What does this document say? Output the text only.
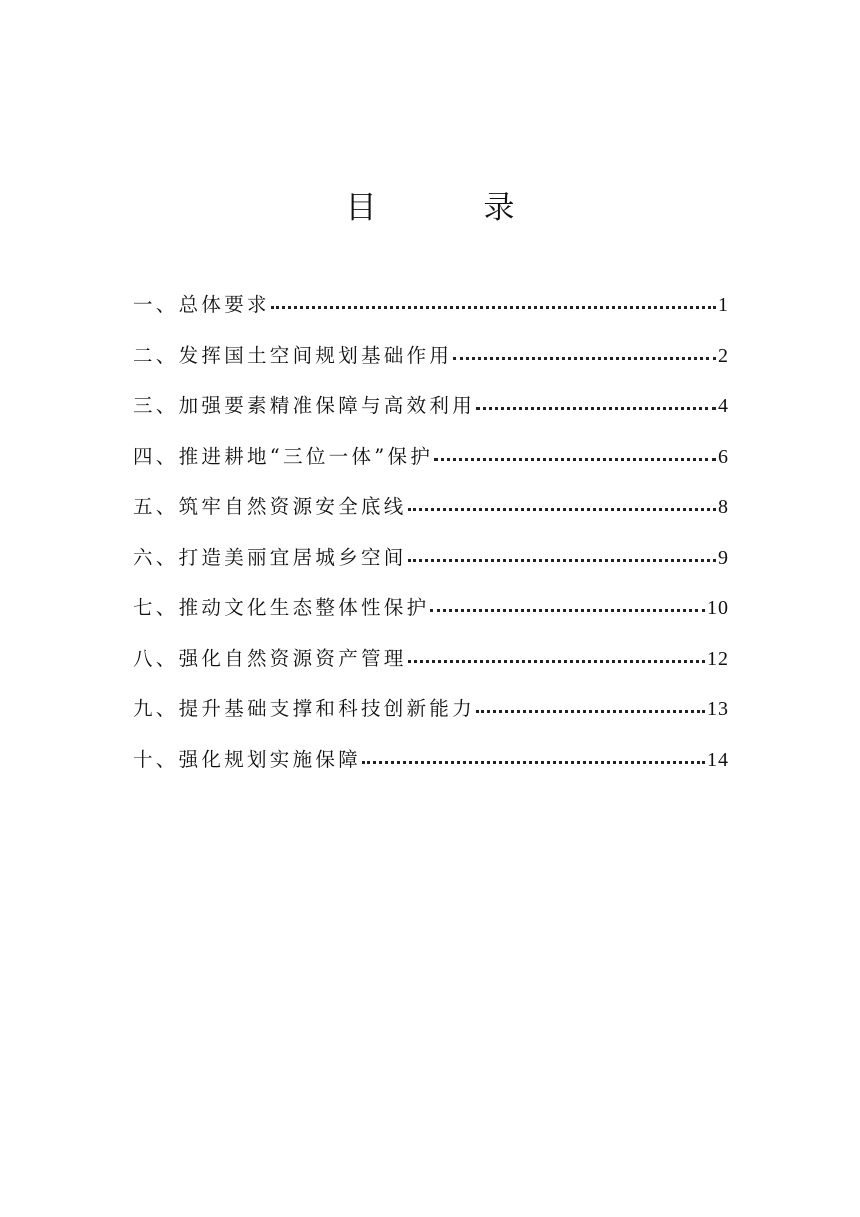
目　录
一、总体要求	1
二、发挥国土空间规划基础作用	2
三、加强要素精准保障与高效利用	4
四、推进耕地“三位一体”保护	6
五、筑牢自然资源安全底线	8
六、打造美丽宜居城乡空间	9
七、推动文化生态整体性保护	10
八、强化自然资源资产管理	12
九、提升基础支撑和科技创新能力	13
十、强化规划实施保障	14
